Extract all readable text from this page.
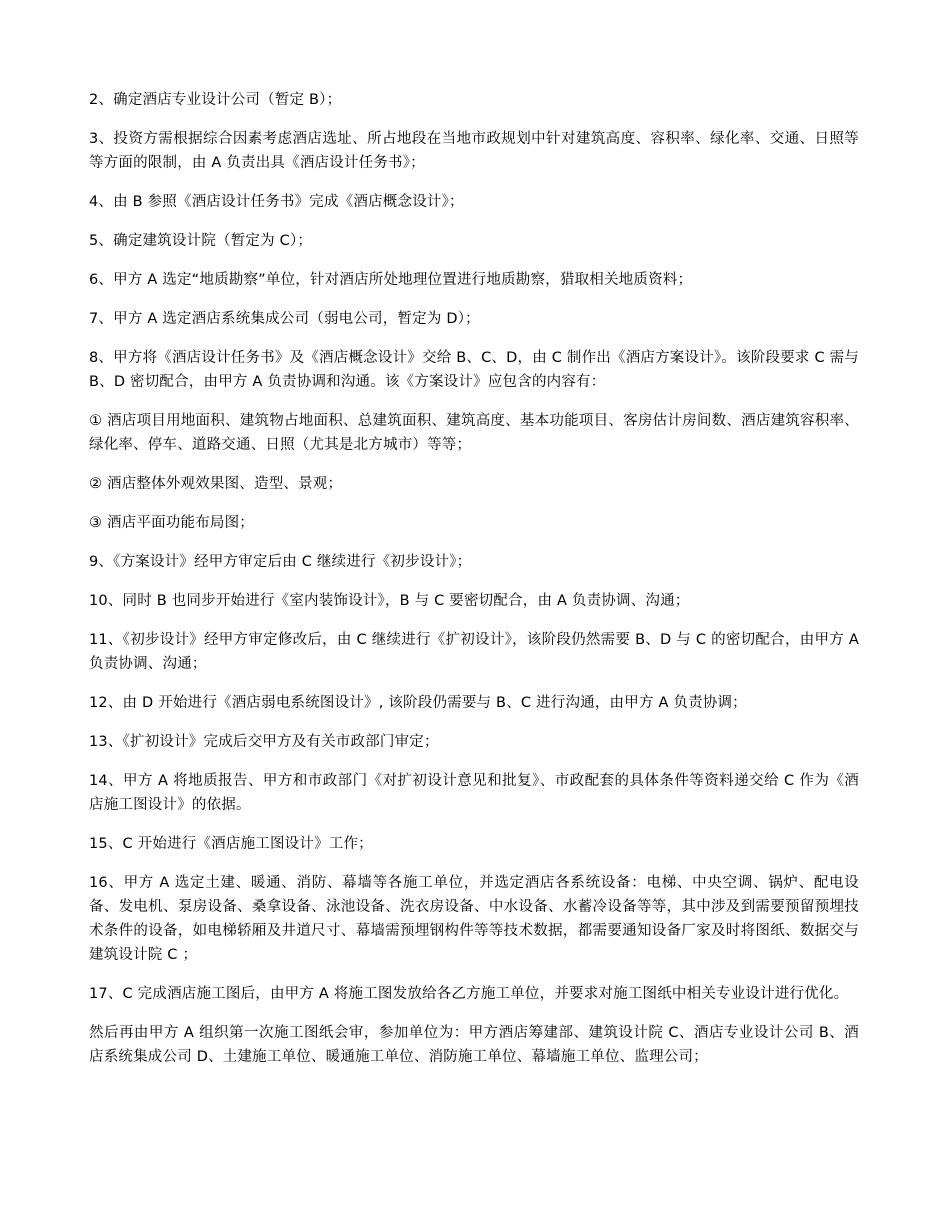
2、确定酒店专业设计公司（暂定 B）；

3、投资方需根据综合因素考虑酒店选址、所占地段在当地市政规划中针对建筑高度、容积率、绿化率、交通、日照等等方面的限制，由 A 负责出具《酒店设计任务书》；

4、由 B 参照《酒店设计任务书》完成《酒店概念设计》；

5、确定建筑设计院（暂定为 C）；

6、甲方 A 选定“地质勘察”单位，针对酒店所处地理位置进行地质勘察，猎取相关地质资料；

7、甲方 A 选定酒店系统集成公司（弱电公司，暂定为 D）；

8、甲方将《酒店设计任务书》及《酒店概念设计》交给 B、C、D，由 C 制作出《酒店方案设计》。该阶段要求 C 需与 B、D 密切配合，由甲方 A 负责协调和沟通。该《方案设计》应包含的内容有：

① 酒店项目用地面积、建筑物占地面积、总建筑面积、建筑高度、基本功能项目、客房估计房间数、酒店建筑容积率、绿化率、停车、道路交通、日照（尤其是北方城市）等等；

② 酒店整体外观效果图、造型、景观；

③ 酒店平面功能布局图；

9、《方案设计》经甲方审定后由 C 继续进行《初步设计》；

10、同时 B 也同步开始进行《室内装饰设计》，B 与 C 要密切配合，由 A 负责协调、沟通；

11、《初步设计》经甲方审定修改后，由 C 继续进行《扩初设计》，该阶段仍然需要 B、D 与 C 的密切配合，由甲方 A 负责协调、沟通；

12、由 D 开始进行《酒店弱电系统图设计》, 该阶段仍需要与 B、C 进行沟通，由甲方 A 负责协调；

13、《扩初设计》完成后交甲方及有关市政部门审定；

14、甲方 A 将地质报告、甲方和市政部门《对扩初设计意见和批复》、市政配套的具体条件等资料递交给 C 作为《酒店施工图设计》的依据。

15、C 开始进行《酒店施工图设计》工作；

16、甲方 A 选定土建、暖通、消防、幕墙等各施工单位，并选定酒店各系统设备：电梯、中央空调、锅炉、配电设备、发电机、泵房设备、桑拿设备、泳池设备、洗衣房设备、中水设备、水蓄冷设备等等，其中涉及到需要预留预埋技术条件的设备，如电梯轿厢及井道尺寸、幕墙需预埋钢构件等等技术数据，都需要通知设备厂家及时将图纸、数据交与建筑设计院 C ；

17、C 完成酒店施工图后，由甲方 A 将施工图发放给各乙方施工单位，并要求对施工图纸中相关专业设计进行优化。

然后再由甲方 A 组织第一次施工图纸会审，参加单位为：甲方酒店筹建部、建筑设计院 C、酒店专业设计公司 B、酒店系统集成公司 D、土建施工单位、暖通施工单位、消防施工单位、幕墙施工单位、监理公司；
